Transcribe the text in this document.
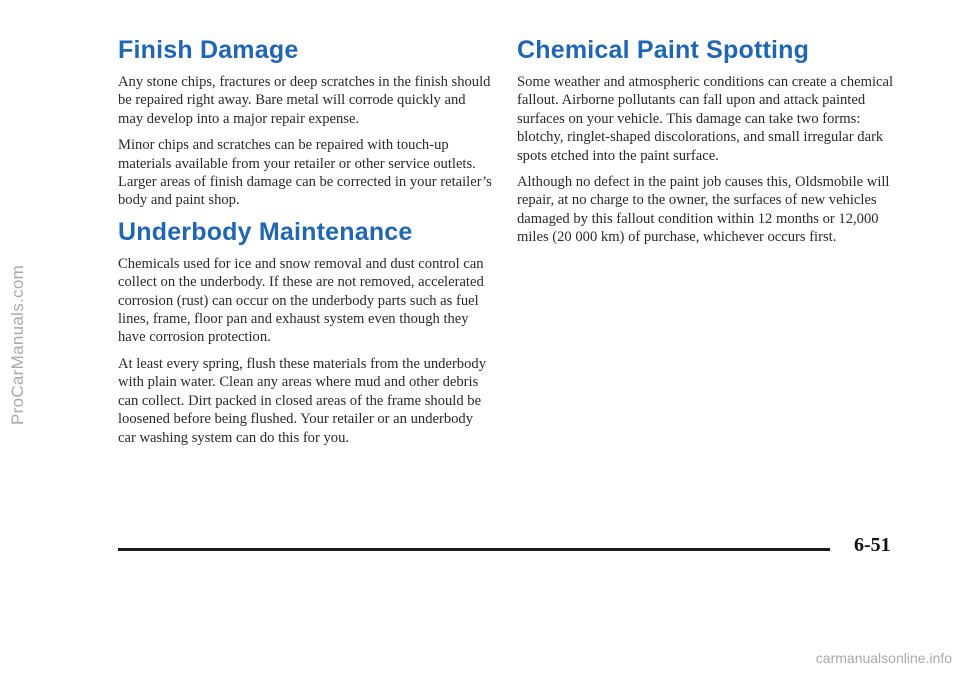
ProCarManuals.com
Finish Damage

Any stone chips, fractures or deep scratches in the finish should be repaired right away. Bare metal will corrode quickly and may develop into a major repair expense.

Minor chips and scratches can be repaired with touch-up materials available from your retailer or other service outlets. Larger areas of finish damage can be corrected in your retailer’s body and paint shop.

Underbody Maintenance

Chemicals used for ice and snow removal and dust control can collect on the underbody. If these are not removed, accelerated corrosion (rust) can occur on the underbody parts such as fuel lines, frame, floor pan and exhaust system even though they have corrosion protection.

At least every spring, flush these materials from the underbody with plain water. Clean any areas where mud and other debris can collect. Dirt packed in closed areas of the frame should be loosened before being flushed. Your retailer or an underbody car washing system can do this for you.

Chemical Paint Spotting

Some weather and atmospheric conditions can create a chemical fallout. Airborne pollutants can fall upon and attack painted surfaces on your vehicle. This damage can take two forms: blotchy, ringlet-shaped discolorations, and small irregular dark spots etched into the paint surface.

Although no defect in the paint job causes this, Oldsmobile will repair, at no charge to the owner, the surfaces of new vehicles damaged by this fallout condition within 12 months or 12,000 miles (20 000 km) of purchase, whichever occurs first.

6-51
carmanualsonline.info
